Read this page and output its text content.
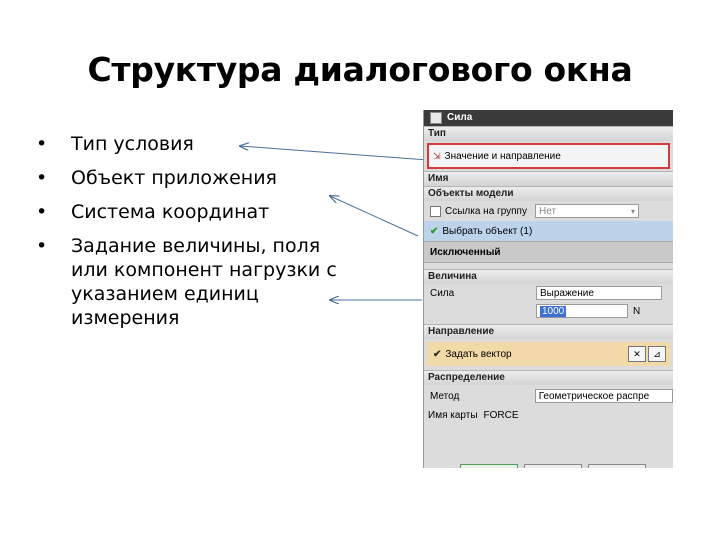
Структура диалогового окна
• Тип условия
• Объект приложения
• Система координат
• Задание величины, поля или компонент нагрузки с указанием единиц измерения
Сила
Тип
⇲ Значение и направление
Имя
Объекты модели
Ссылка на группу	Нет	▾
✔ Выбрать объект (1)
Исключенный
Величина
Сила	Выражение
1000	N
Направление
✔ Задать вектор	✕	⊿
Распределение
Метод	Геометрическое распре
Имя карты FORCE
